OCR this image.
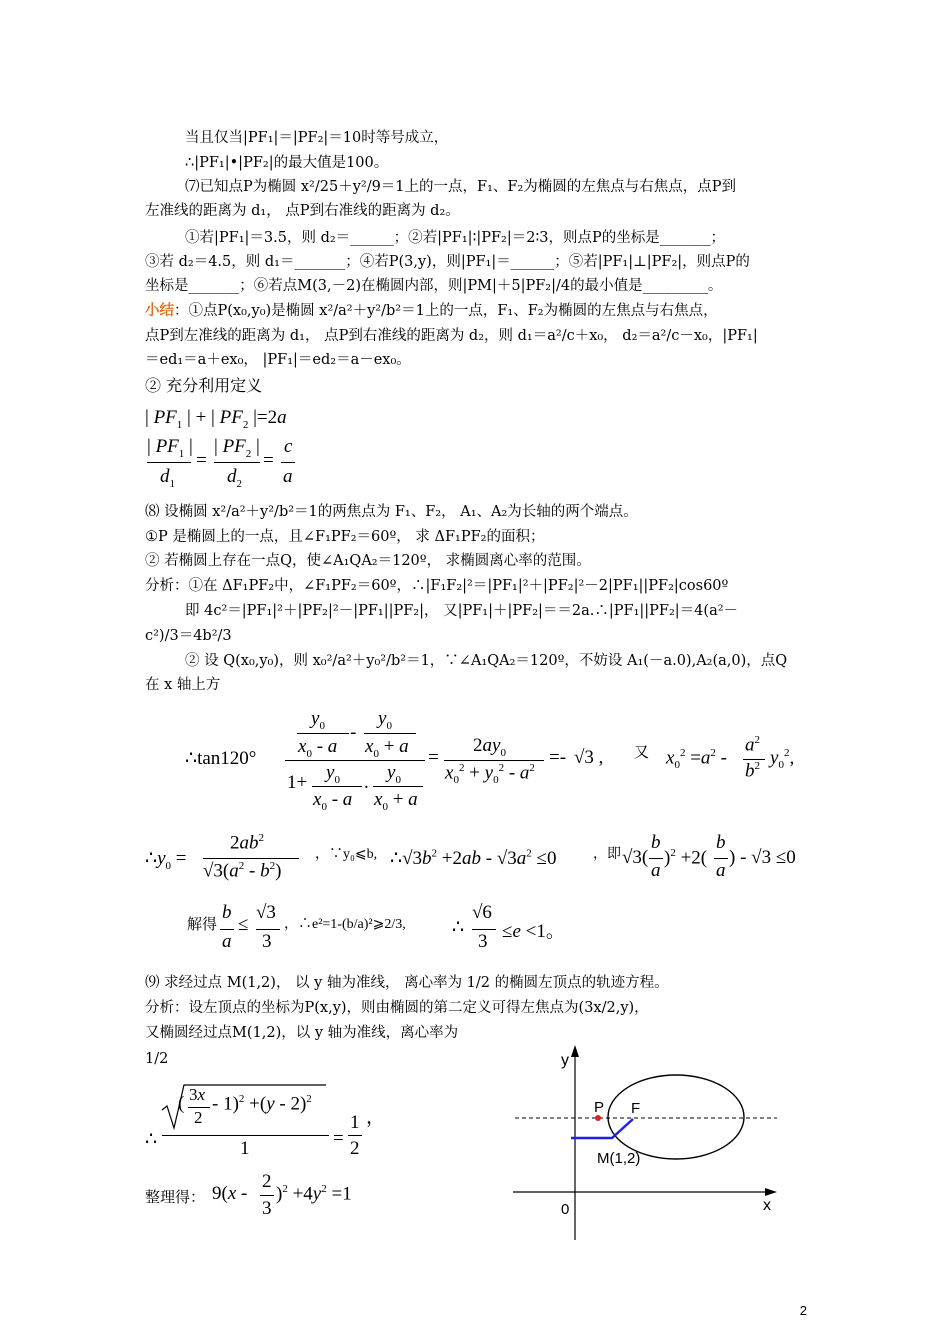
当且仅当|PF₁|＝|PF₂|＝10时等号成立，
∴|PF₁|•|PF₂|的最大值是100。
⑺已知点P为椭圆 x²/25＋y²/9＝1上的一点，F₁、F₂为椭圆的左焦点与右焦点，点P到
左准线的距离为 d₁， 点P到右准线的距离为 d₂。
①若|PF₁|＝3.5，则 d₂＝______；②若|PF₁|∶|PF₂|＝2∶3，则点P的坐标是_______；
③若 d₂＝4.5，则 d₁＝_______；④若P(3,y)，则|PF₁|＝______；⑤若|PF₁|⊥|PF₂|，则点P的
坐标是_______；⑥若点M(3,－2)在椭圆内部，则|PM|＋5|PF₂|/4的最小值是_________。
小结：①点P(x₀,y₀)是椭圆 x²/a²＋y²/b²＝1上的一点，F₁、F₂为椭圆的左焦点与右焦点，
点P到左准线的距离为 d₁， 点P到右准线的距离为 d₂，则 d₁＝a²/c＋x₀， d₂＝a²/c－x₀，|PF₁|
＝ed₁＝a＋ex₀， |PF₁|＝ed₂＝a－ex₀。
② 充分利用定义
| $PF_1$ | + | $PF_2$ |=2a
| $PF_1$ |
$d_1$
=
| $PF_2$ |
$d_2$
=
c
a
⑻ 设椭圆 x²/a²＋y²/b²＝1的两焦点为 F₁、F₂， A₁、A₂为长轴的两个端点。
①P 是椭圆上的一点，且∠F₁PF₂＝60º， 求 ΔF₁PF₂的面积；
② 若椭圆上存在一点Q，使∠A₁QA₂＝120º， 求椭圆离心率的范围。
分析：①在 ΔF₁PF₂中，∠F₁PF₂＝60º，∴|F₁F₂|²＝|PF₁|²＋|PF₂|²－2|PF₁||PF₂|cos60º
即 4c²＝|PF₁|²＋|PF₂|²－|PF₁||PF₂|， 又|PF₁|＋|PF₂|＝＝2a.∴|PF₁||PF₂|＝4(a²－
c²)/3＝4b²/3
② 设 Q(x₀,y₀)，则 x₀²/a²＋y₀²/b²＝1，∵∠A₁QA₂＝120º，不妨设 A₁(－a.0),A₂(a,0)，点Q
在 x 轴上方
∴tan120°
$y_0$
$x_0$ - a
-
$y_0$
$x_0 + a$
$1+ y_0$
$x_0$ - a
. $y_0$
$x_0 + a$
=
$2ay_0$
$x_0^2 + y_0^2 - a^2 =- √3$ , 又 $x_0^2 =a^2$ -
$a^2$
$b^2$ $y_0^2$,
$\therefore y_0$ =
$2ab^2$
$√3(a^2 - b^2)$
，∵y₀⩽b, $\therefore√3b^2 +2ab - √3a^2 \le 0$	，即 √3(
b
a
)$^2$ +2(
b
a
) - √3 ≤0
解得
b
a
≤
√3
3
，∴e²=1-(b/a)²⩾2/3, ∴
√6
3 ≤e <1。
⑼ 求经过点 M(1,2)， 以 y 轴为准线， 离心率为 1/2 的椭圆左顶点的轨迹方程。
分析：设左顶点的坐标为P(x,y)，则由椭圆的第二定义可得左焦点为(3x/2,y)，
又椭圆经过点M(1,2)，以 y 轴为准线，离心率为
1/2
∴
( 3x
2
- 1)$^2$ +(y - 2)$^2$
1	=
1
2
，
整理得： 9(x -
2
3
)$^2 +4y^2 =1$
y
x
0
P F
M(1,2)
2
